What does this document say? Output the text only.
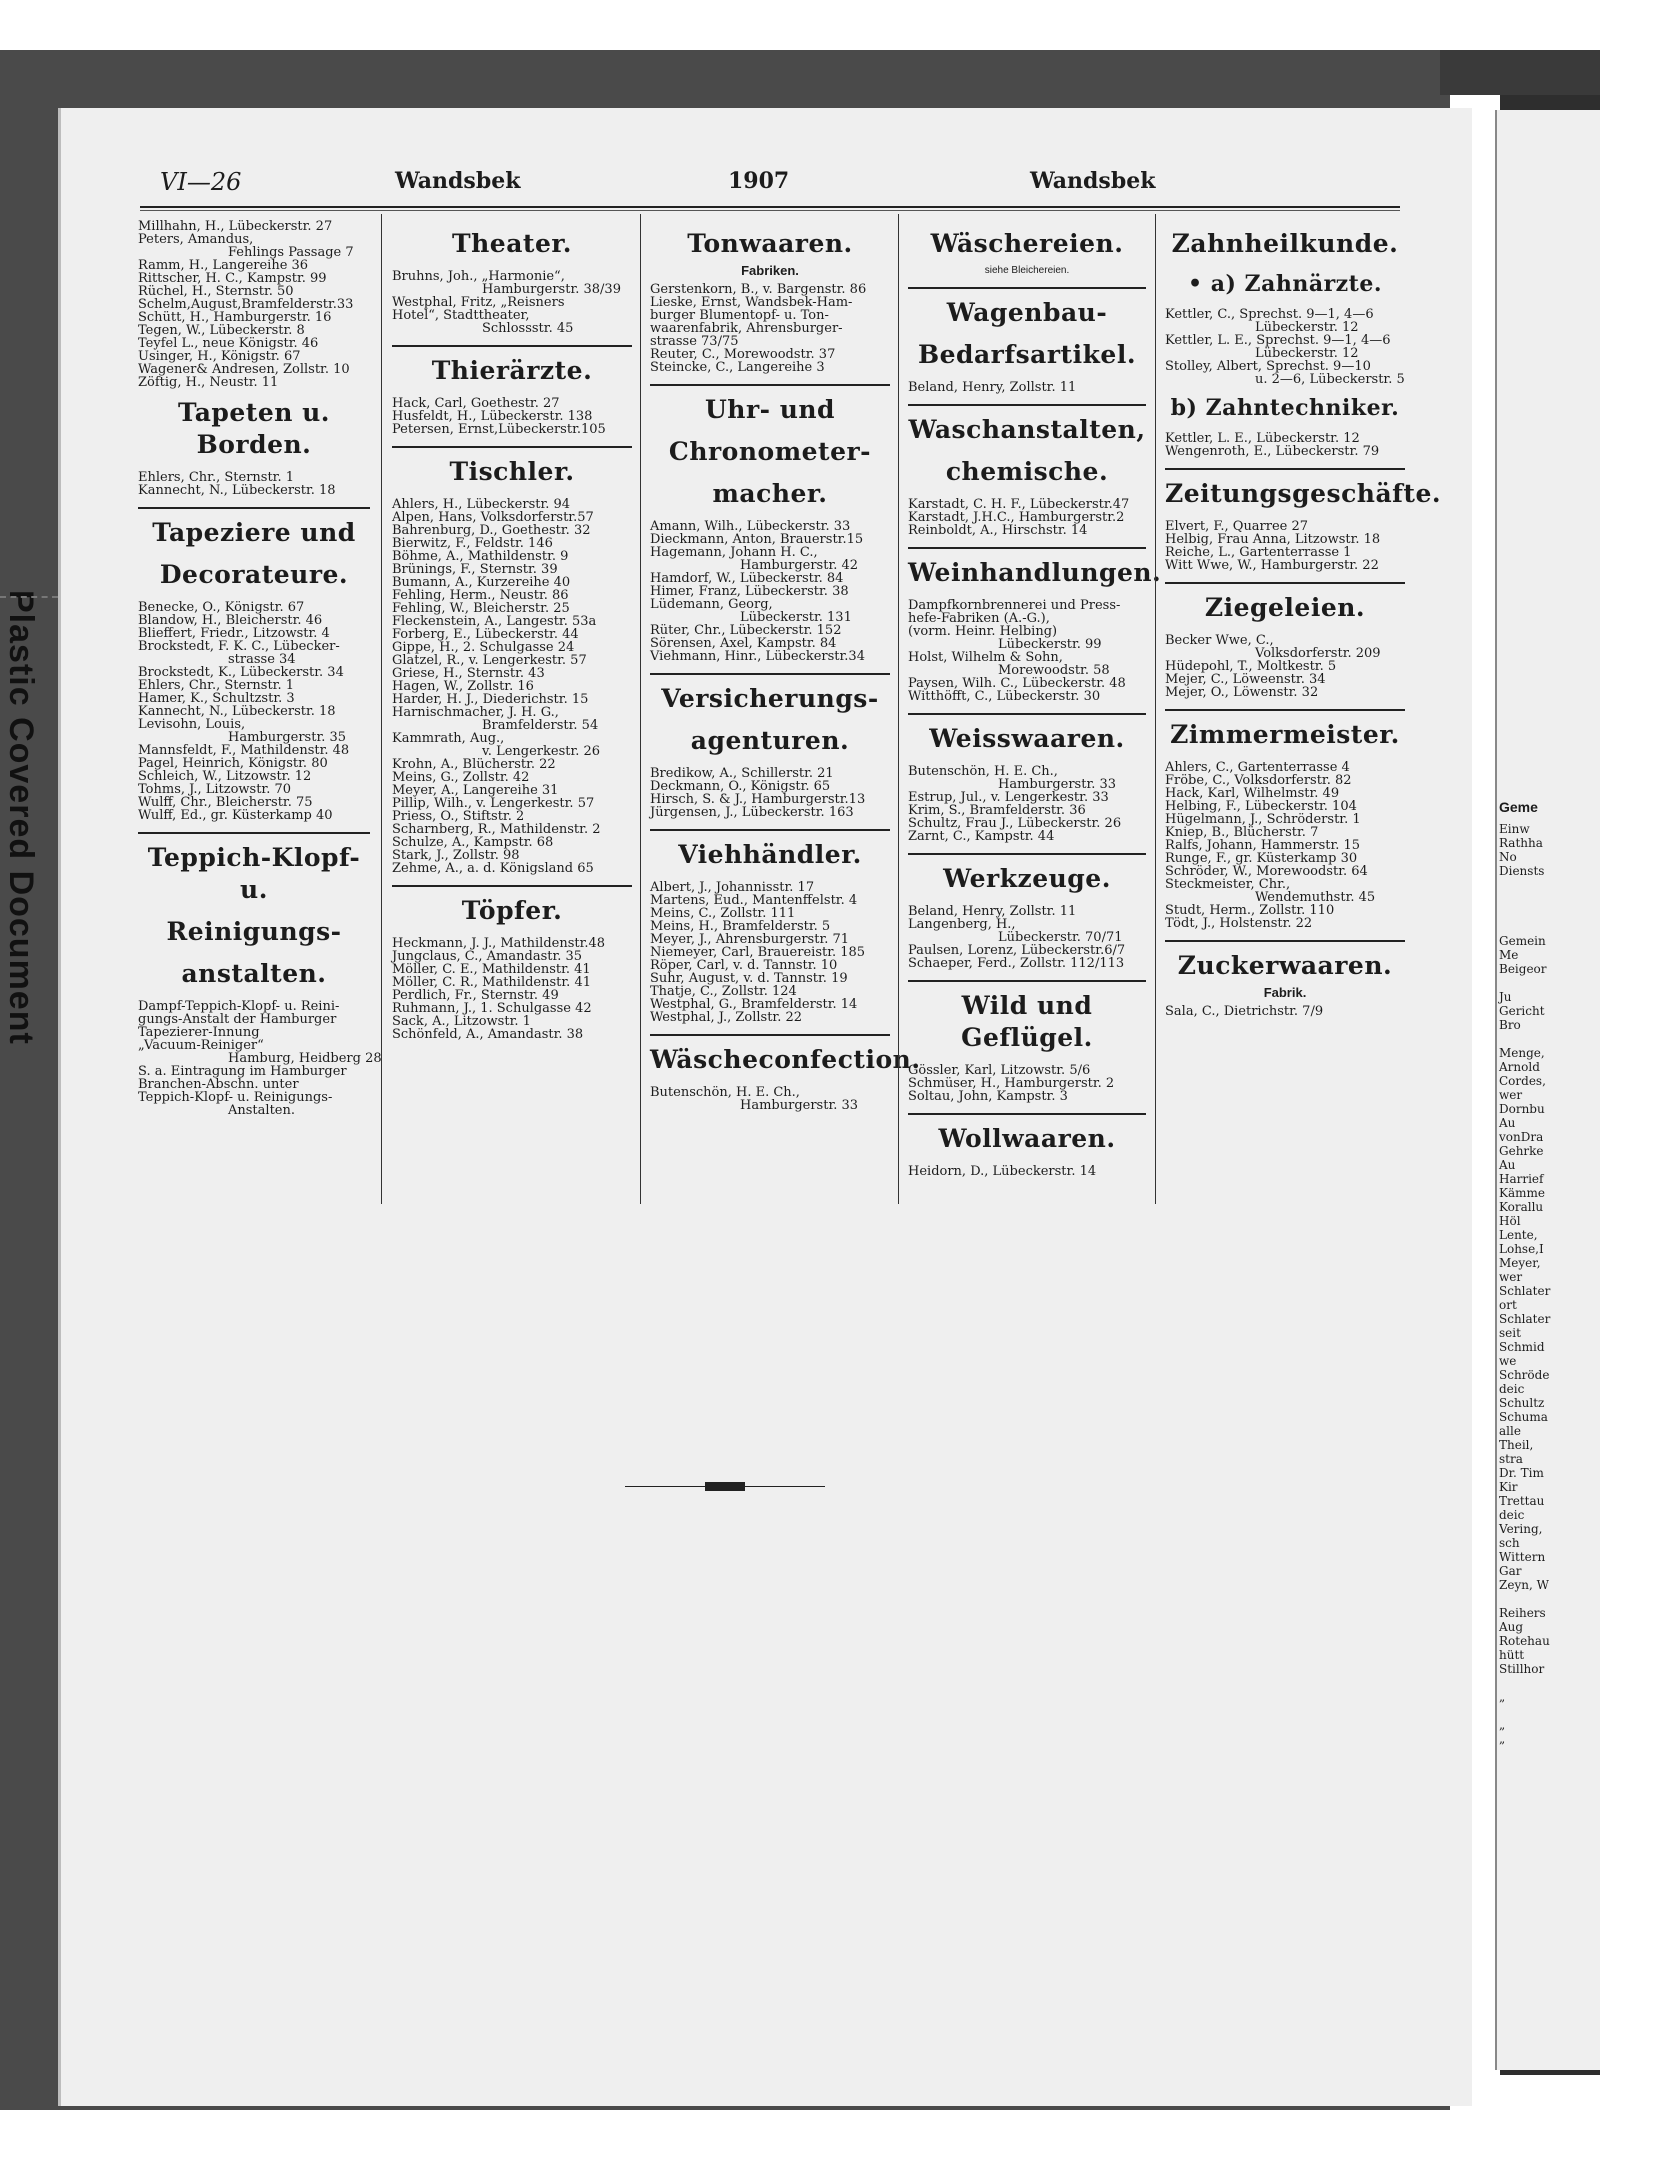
Plastic Covered Document	Geme
Einw
Rathha
No
Diensts

Gemein
Me
Beigeor

Ju
Gericht
Bro

Menge,
Arnold
Cordes,
wer
Dornbu
Au
vonDra
Gehrke
Au
Harrief
Kämme
Korallu
Höl
Lente,
Lohse,I
Meyer,
wer
Schlater
ort
Schlater
seit
Schmid
we
Schröde
deic
Schultz
Schuma
alle
Theil,
stra
Dr. Tim
Kir
Trettau
deic
Vering,
sch
Wittern
Gar
Zeyn, W

Reihers
Aug
Rotehau
hütt
Stillhor

„

„
„
VI—26	Wandsbek	1907	Wandsbek
Millhahn, H., Lübeckerstr. 27
Peters, Amandus,
Fehlings Passage 7
Ramm, H., Langereihe 36
Rittscher, H. C., Kampstr. 99
Rüchel, H., Sternstr. 50
Schelm,August,Bramfelderstr.33
Schütt, H., Hamburgerstr. 16
Tegen, W., Lübeckerstr. 8
Teyfel L., neue Königstr. 46
Usinger, H., Königstr. 67
Wagener& Andresen, Zollstr. 10
Zöftig, H., Neustr. 11
Tapeten u. Borden.
Ehlers, Chr., Sternstr. 1
Kannecht, N., Lübeckerstr. 18
Tapeziere und
Decorateure.
Benecke, O., Königstr. 67
Blandow, H., Bleicherstr. 46
Blieffert, Friedr., Litzowstr. 4
Brockstedt, F. K. C., Lübecker-
strasse 34
Brockstedt, K., Lübeckerstr. 34
Ehlers, Chr., Sternstr. 1
Hamer, K., Schultzstr. 3
Kannecht, N., Lübeckerstr. 18
Levisohn, Louis,
Hamburgerstr. 35
Mannsfeldt, F., Mathildenstr. 48
Pagel, Heinrich, Königstr. 80
Schleich, W., Litzowstr. 12
Tohms, J., Litzowstr. 70
Wulff, Chr., Bleicherstr. 75
Wulff, Ed., gr. Küsterkamp 40
Teppich-Klopf- u.
Reinigungs-
anstalten.
Dampf-Teppich-Klopf- u. Reini-
gungs-Anstalt der Hamburger
Tapezierer-Innung
„Vacuum-Reiniger“
Hamburg, Heidberg 28
S. a. Eintragung im Hamburger
Branchen-Abschn. unter
Teppich-Klopf- u. Reinigungs-
Anstalten.
Theater.
Bruhns, Joh., „Harmonie“,
Hamburgerstr. 38/39
Westphal, Fritz, „Reisners
Hotel“, Stadttheater,
Schlossstr. 45
Thierärzte.
Hack, Carl, Goethestr. 27
Husfeldt, H., Lübeckerstr. 138
Petersen, Ernst,Lübeckerstr.105
Tischler.
Ahlers, H., Lübeckerstr. 94
Alpen, Hans, Volksdorferstr.57
Bahrenburg, D., Goethestr. 32
Bierwitz, F., Feldstr. 146
Böhme, A., Mathildenstr. 9
Brünings, F., Sternstr. 39
Bumann, A., Kurzereihe 40
Fehling, Herm., Neustr. 86
Fehling, W., Bleicherstr. 25
Fleckenstein, A., Langestr. 53a
Forberg, E., Lübeckerstr. 44
Gippe, H., 2. Schulgasse 24
Glatzel, R., v. Lengerkestr. 57
Griese, H., Sternstr. 43
Hagen, W., Zollstr. 16
Harder, H. J., Diederichstr. 15
Harnischmacher, J. H. G.,
Bramfelderstr. 54
Kammrath, Aug.,
v. Lengerkestr. 26
Krohn, A., Blücherstr. 22
Meins, G., Zollstr. 42
Meyer, A., Langereihe 31
Pillip, Wilh., v. Lengerkestr. 57
Priess, O., Stiftstr. 2
Scharnberg, R., Mathildenstr. 2
Schulze, A., Kampstr. 68
Stark, J., Zollstr. 98
Zehme, A., a. d. Königsland 65
Töpfer.
Heckmann, J. J., Mathildenstr.48
Jungclaus, C., Amandastr. 35
Möller, C. E., Mathildenstr. 41
Möller, C. R., Mathildenstr. 41
Perdlich, Fr., Sternstr. 49
Ruhmann, J., 1. Schulgasse 42
Sack, A., Litzowstr. 1
Schönfeld, A., Amandastr. 38
Tonwaaren.
Fabriken.
Gerstenkorn, B., v. Bargenstr. 86
Lieske, Ernst, Wandsbek-Ham-
burger Blumentopf- u. Ton-
waarenfabrik, Ahrensburger-
strasse 73/75
Reuter, C., Morewoodstr. 37
Steincke, C., Langereihe 3
Uhr- und
Chronometer-
macher.
Amann, Wilh., Lübeckerstr. 33
Dieckmann, Anton, Brauerstr.15
Hagemann, Johann H. C.,
Hamburgerstr. 42
Hamdorf, W., Lübeckerstr. 84
Himer, Franz, Lübeckerstr. 38
Lüdemann, Georg,
Lübeckerstr. 131
Rüter, Chr., Lübeckerstr. 152
Sörensen, Axel, Kampstr. 84
Viehmann, Hinr., Lübeckerstr.34
Versicherungs-
agenturen.
Bredikow, A., Schillerstr. 21
Deckmann, O., Königstr. 65
Hirsch, S. & J., Hamburgerstr.13
Jürgensen, J., Lübeckerstr. 163
Viehhändler.
Albert, J., Johannisstr. 17
Martens, Eud., Mantenffelstr. 4
Meins, C., Zollstr. 111
Meins, H., Bramfelderstr. 5
Meyer, J., Ahrensburgerstr. 71
Niemeyer, Carl, Brauereistr. 185
Röper, Carl, v. d. Tannstr. 10
Suhr, August, v. d. Tannstr. 19
Thatje, C., Zollstr. 124
Westphal, G., Bramfelderstr. 14
Westphal, J., Zollstr. 22
Wäscheconfection.
Butenschön, H. E. Ch.,
Hamburgerstr. 33
Wäschereien.
siehe Bleichereien.
Wagenbau-
Bedarfsartikel.
Beland, Henry, Zollstr. 11
Waschanstalten,
chemische.
Karstadt, C. H. F., Lübeckerstr.47
Karstadt, J.H.C., Hamburgerstr.2
Reinboldt, A., Hirschstr. 14
Weinhandlungen.
Dampfkornbrennerei und Press-
hefe-Fabriken (A.-G.),
(vorm. Heinr. Helbing)
Lübeckerstr. 99
Holst, Wilhelm & Sohn,
Morewoodstr. 58
Paysen, Wilh. C., Lübeckerstr. 48
Witthöfft, C., Lübeckerstr. 30
Weisswaaren.
Butenschön, H. E. Ch.,
Hamburgerstr. 33
Estrup, Jul., v. Lengerkestr. 33
Krim, S., Bramfelderstr. 36
Schultz, Frau J., Lübeckerstr. 26
Zarnt, C., Kampstr. 44
Werkzeuge.
Beland, Henry, Zollstr. 11
Langenberg, H.,
Lübeckerstr. 70/71
Paulsen, Lorenz, Lübeckerstr.6/7
Schaeper, Ferd., Zollstr. 112/113
Wild und Geflügel.
Gössler, Karl, Litzowstr. 5/6
Schmüser, H., Hamburgerstr. 2
Soltau, John, Kampstr. 3
Wollwaaren.
Heidorn, D., Lübeckerstr. 14
Zahnheilkunde.
• a) Zahnärzte.
Kettler, C., Sprechst. 9—1, 4—6
Lübeckerstr. 12
Kettler, L. E., Sprechst. 9—1, 4—6
Lübeckerstr. 12
Stolley, Albert, Sprechst. 9—10
u. 2—6, Lübeckerstr. 5
b) Zahntechniker.
Kettler, L. E., Lübeckerstr. 12
Wengenroth, E., Lübeckerstr. 79
Zeitungsgeschäfte.
Elvert, F., Quarree 27
Helbig, Frau Anna, Litzowstr. 18
Reiche, L., Gartenterrasse 1
Witt Wwe, W., Hamburgerstr. 22
Ziegeleien.
Becker Wwe, C.,
Volksdorferstr. 209
Hüdepohl, T., Moltkestr. 5
Mejer, C., Löweenstr. 34
Mejer, O., Löwenstr. 32
Zimmermeister.
Ahlers, C., Gartenterrasse 4
Fröbe, C., Volksdorferstr. 82
Hack, Karl, Wilhelmstr. 49
Helbing, F., Lübeckerstr. 104
Hügelmann, J., Schröderstr. 1
Kniep, B., Blücherstr. 7
Ralfs, Johann, Hammerstr. 15
Runge, F., gr. Küsterkamp 30
Schröder, W., Morewoodstr. 64
Steckmeister, Chr.,
Wendemuthstr. 45
Studt, Herm., Zollstr. 110
Tödt, J., Holstenstr. 22
Zuckerwaaren.
Fabrik.
Sala, C., Dietrichstr. 7/9
